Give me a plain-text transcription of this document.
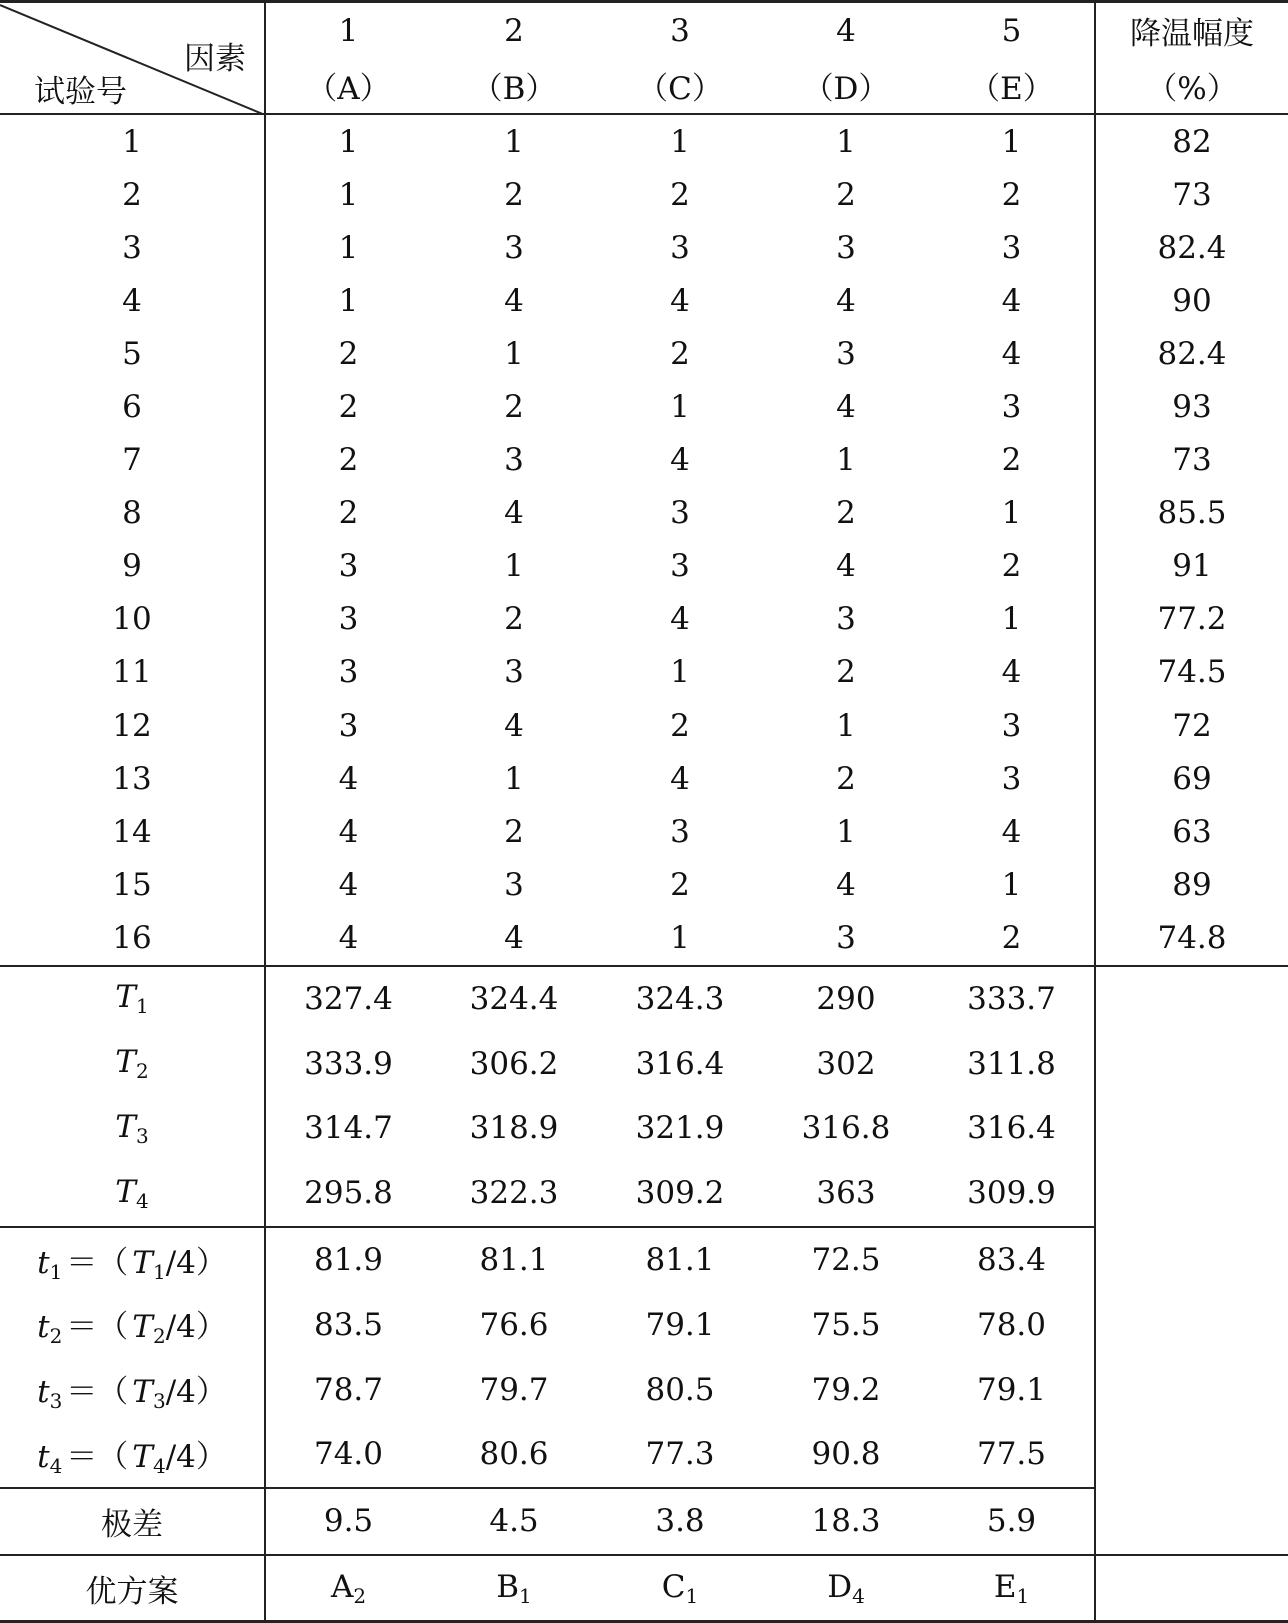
因素
试验号	1	2	3	4	5	降温幅度
	（A）	（B）	（C）	（D）	（E）	（%）
1	1	1	1	1	1	82
2	1	2	2	2	2	73
3	1	3	3	3	3	82.4
4	1	4	4	4	4	90
5	2	1	2	3	4	82.4
6	2	2	1	4	3	93
7	2	3	4	1	2	73
8	2	4	3	2	1	85.5
9	3	1	3	4	2	91
10	3	2	4	3	1	77.2
11	3	3	1	2	4	74.5
12	3	4	2	1	3	72
13	4	1	4	2	3	69
14	4	2	3	1	4	63
15	4	3	2	4	1	89
16	4	4	1	3	2	74.8
$T_1$	327.4	324.4	324.3	290	333.7	
$T_2$	333.9	306.2	316.4	302	311.8	
$T_3$	314.7	318.9	321.9	316.8	316.4	
$T_4$	295.8	322.3	309.2	363	309.9	
$t_1$ ＝（ $T_1/4$）	81.9	81.1	81.1	72.5	83.4	
$t_2$ ＝（ $T_2/4$）	83.5	76.6	79.1	75.5	78.0	
$t_3$ ＝（ $T_3/4$）	78.7	79.7	80.5	79.2	79.1	
$t_4$ ＝（ $T_4/4$）	74.0	80.6	77.3	90.8	77.5	
极差	9.5	4.5	3.8	18.3	5.9	
优方案	$A_2$	$B_1$	$C_1$	$D_4$	$E_1$	
